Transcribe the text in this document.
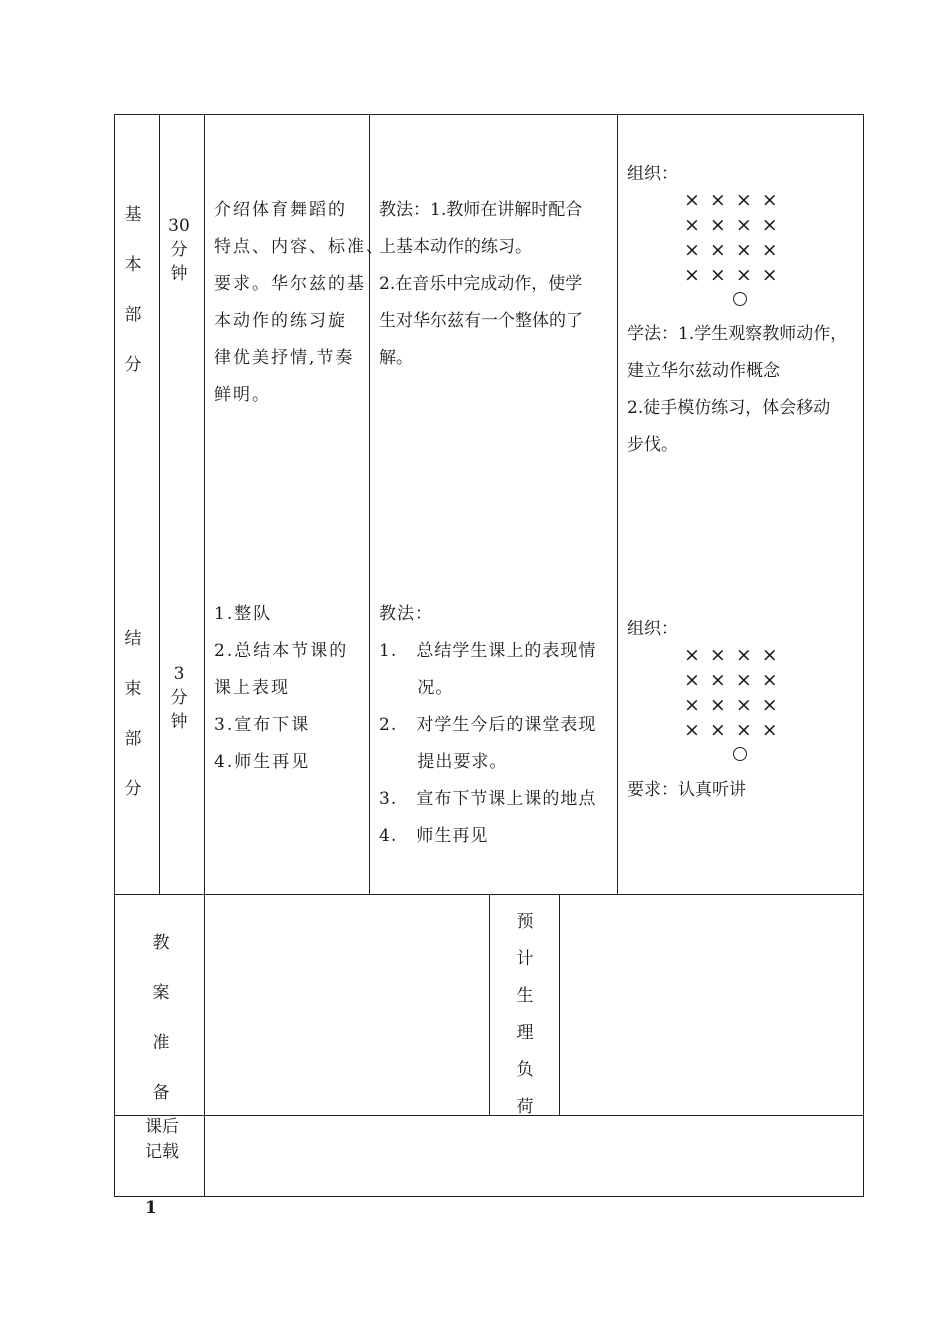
基
本
部
分
30
分
钟
介绍体育舞蹈的
特点、内容、标准、
要求。华尔兹的基
本动作的练习旋
律优美抒情,节奏
鲜明。
教法：1.教师在讲解时配合
上基本动作的练习。
2.在音乐中完成动作，使学
生对华尔兹有一个整体的了
解。
组织：
××××
××××
××××
××××
学法：1.学生观察教师动作，
建立华尔兹动作概念
2.徒手模仿练习，体会移动
步伐。
结
束
部
分
3
分
钟
1.整队
2.总结本节课的
课上表现
3.宣布下课
4.师生再见
教法：
1.   总结学生课上的表现情
况。
2.   对学生今后的课堂表现
提出要求。
3.   宣布下节课上课的地点
4.   师生再见
组织：
××××
××××
××××
××××
要求：认真听讲
教
案
准
备
预
计
生
理
负
荷
课后
记载
1
